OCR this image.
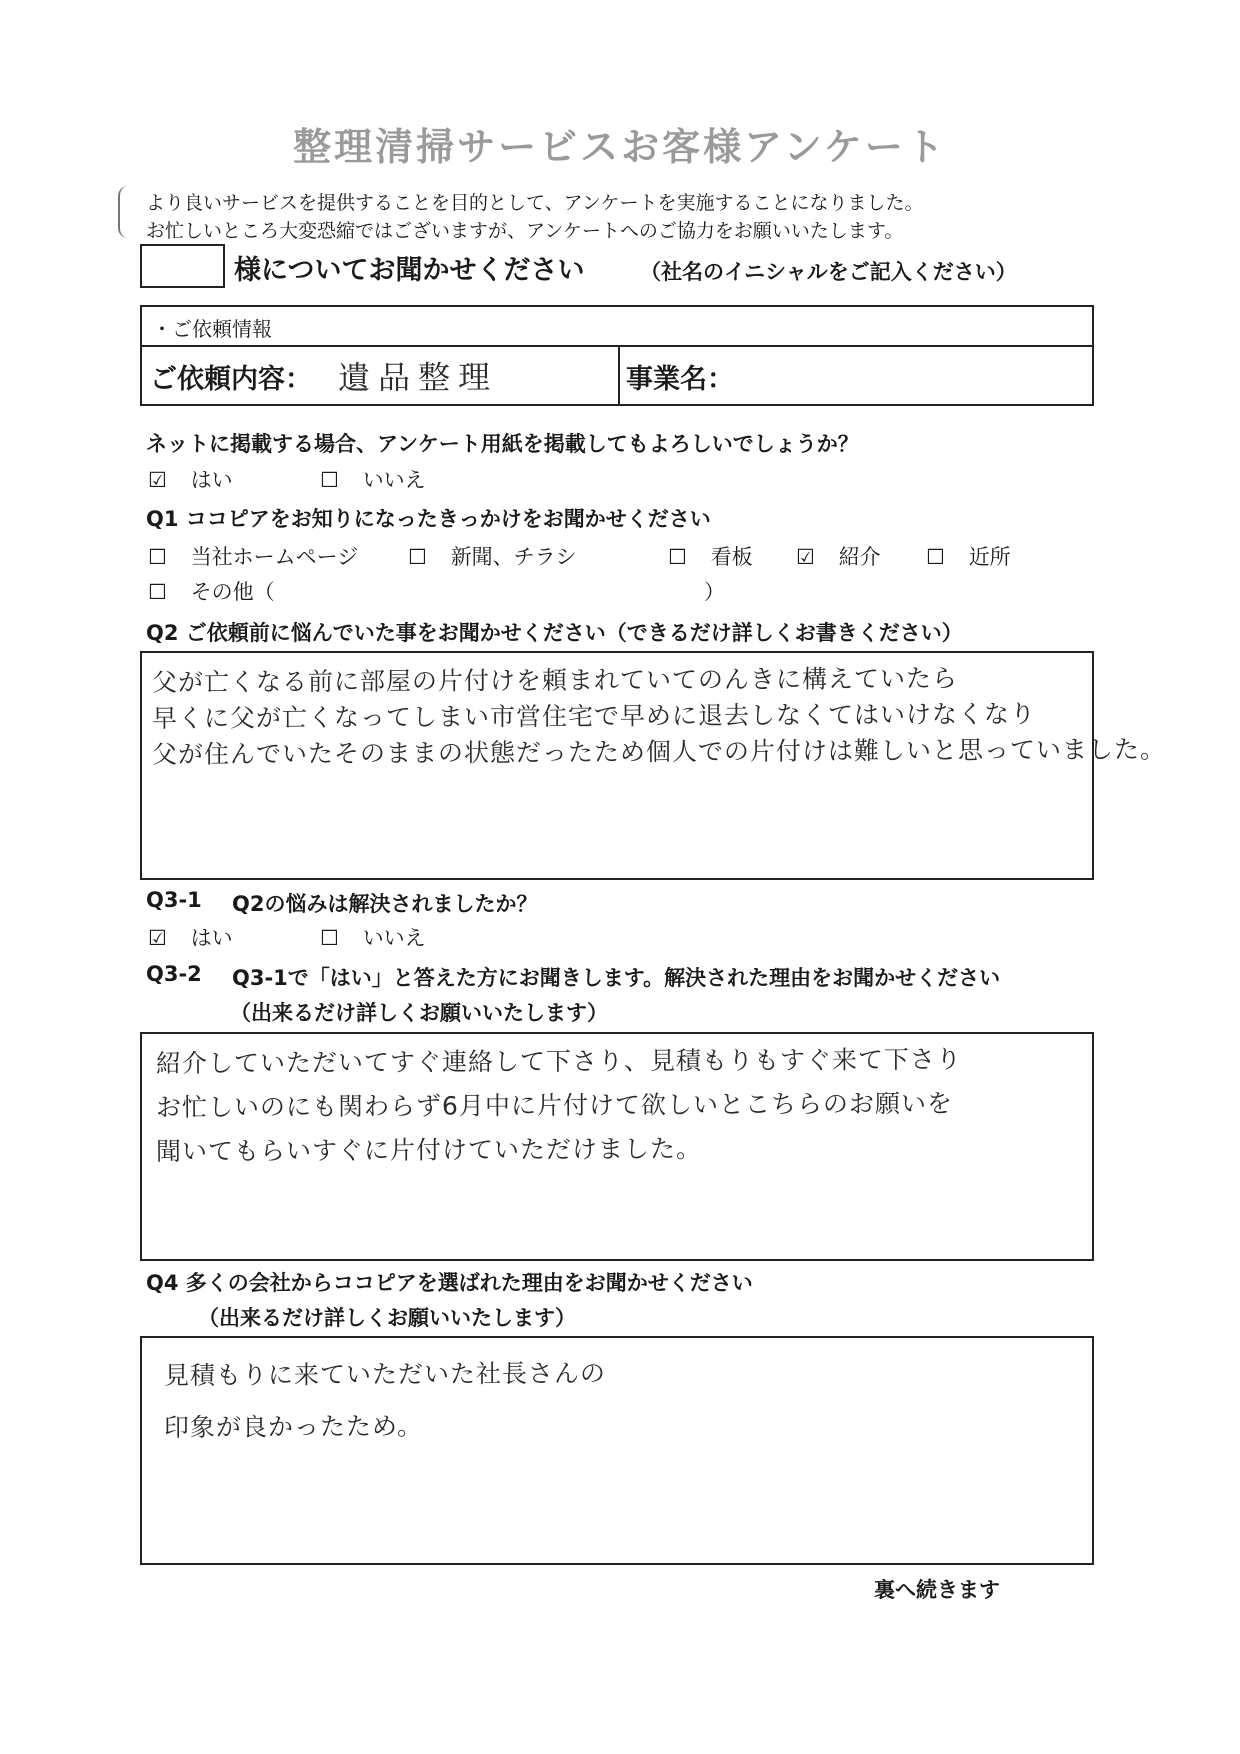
整理清掃サービスお客様アンケート
より良いサービスを提供することを目的として、アンケートを実施することになりました。
お忙しいところ大変恐縮ではございますが、アンケートへのご協力をお願いいたします。
様についてお聞かせください	（社名のイニシャルをご記入ください）
・ご依頼情報
ご依頼内容： 遺品整理	事業名：
ネットに掲載する場合、アンケート用紙を掲載してもよろしいでしょうか？
☑ はい	☐ いいえ
Q1 ココピアをお知りになったきっかけをお聞かせください
☐ 当社ホームページ ☐ 新聞、チラシ	☐ 看板 ☑ 紹介 ☐ 近所
☐ その他（	）
Q2 ご依頼前に悩んでいた事をお聞かせください（できるだけ詳しくお書きください）
父が亡くなる前に部屋の片付けを頼まれていてのんきに構えていたら
早くに父が亡くなってしまい市営住宅で早めに退去しなくてはいけなくなり
父が住んでいたそのままの状態だったため個人での片付けは難しいと思っていました。
Q3-1 Q2の悩みは解決されましたか？
☑ はい	☐ いいえ
Q3-2 Q3-1で「はい」と答えた方にお聞きします。解決された理由をお聞かせください
（出来るだけ詳しくお願いいたします）
紹介していただいてすぐ連絡して下さり、見積もりもすぐ来て下さり
お忙しいのにも関わらず6月中に片付けて欲しいとこちらのお願いを
聞いてもらいすぐに片付けていただけました。
Q4 多くの会社からココピアを選ばれた理由をお聞かせください
（出来るだけ詳しくお願いいたします）
見積もりに来ていただいた社長さんの
印象が良かったため。
裏へ続きます
